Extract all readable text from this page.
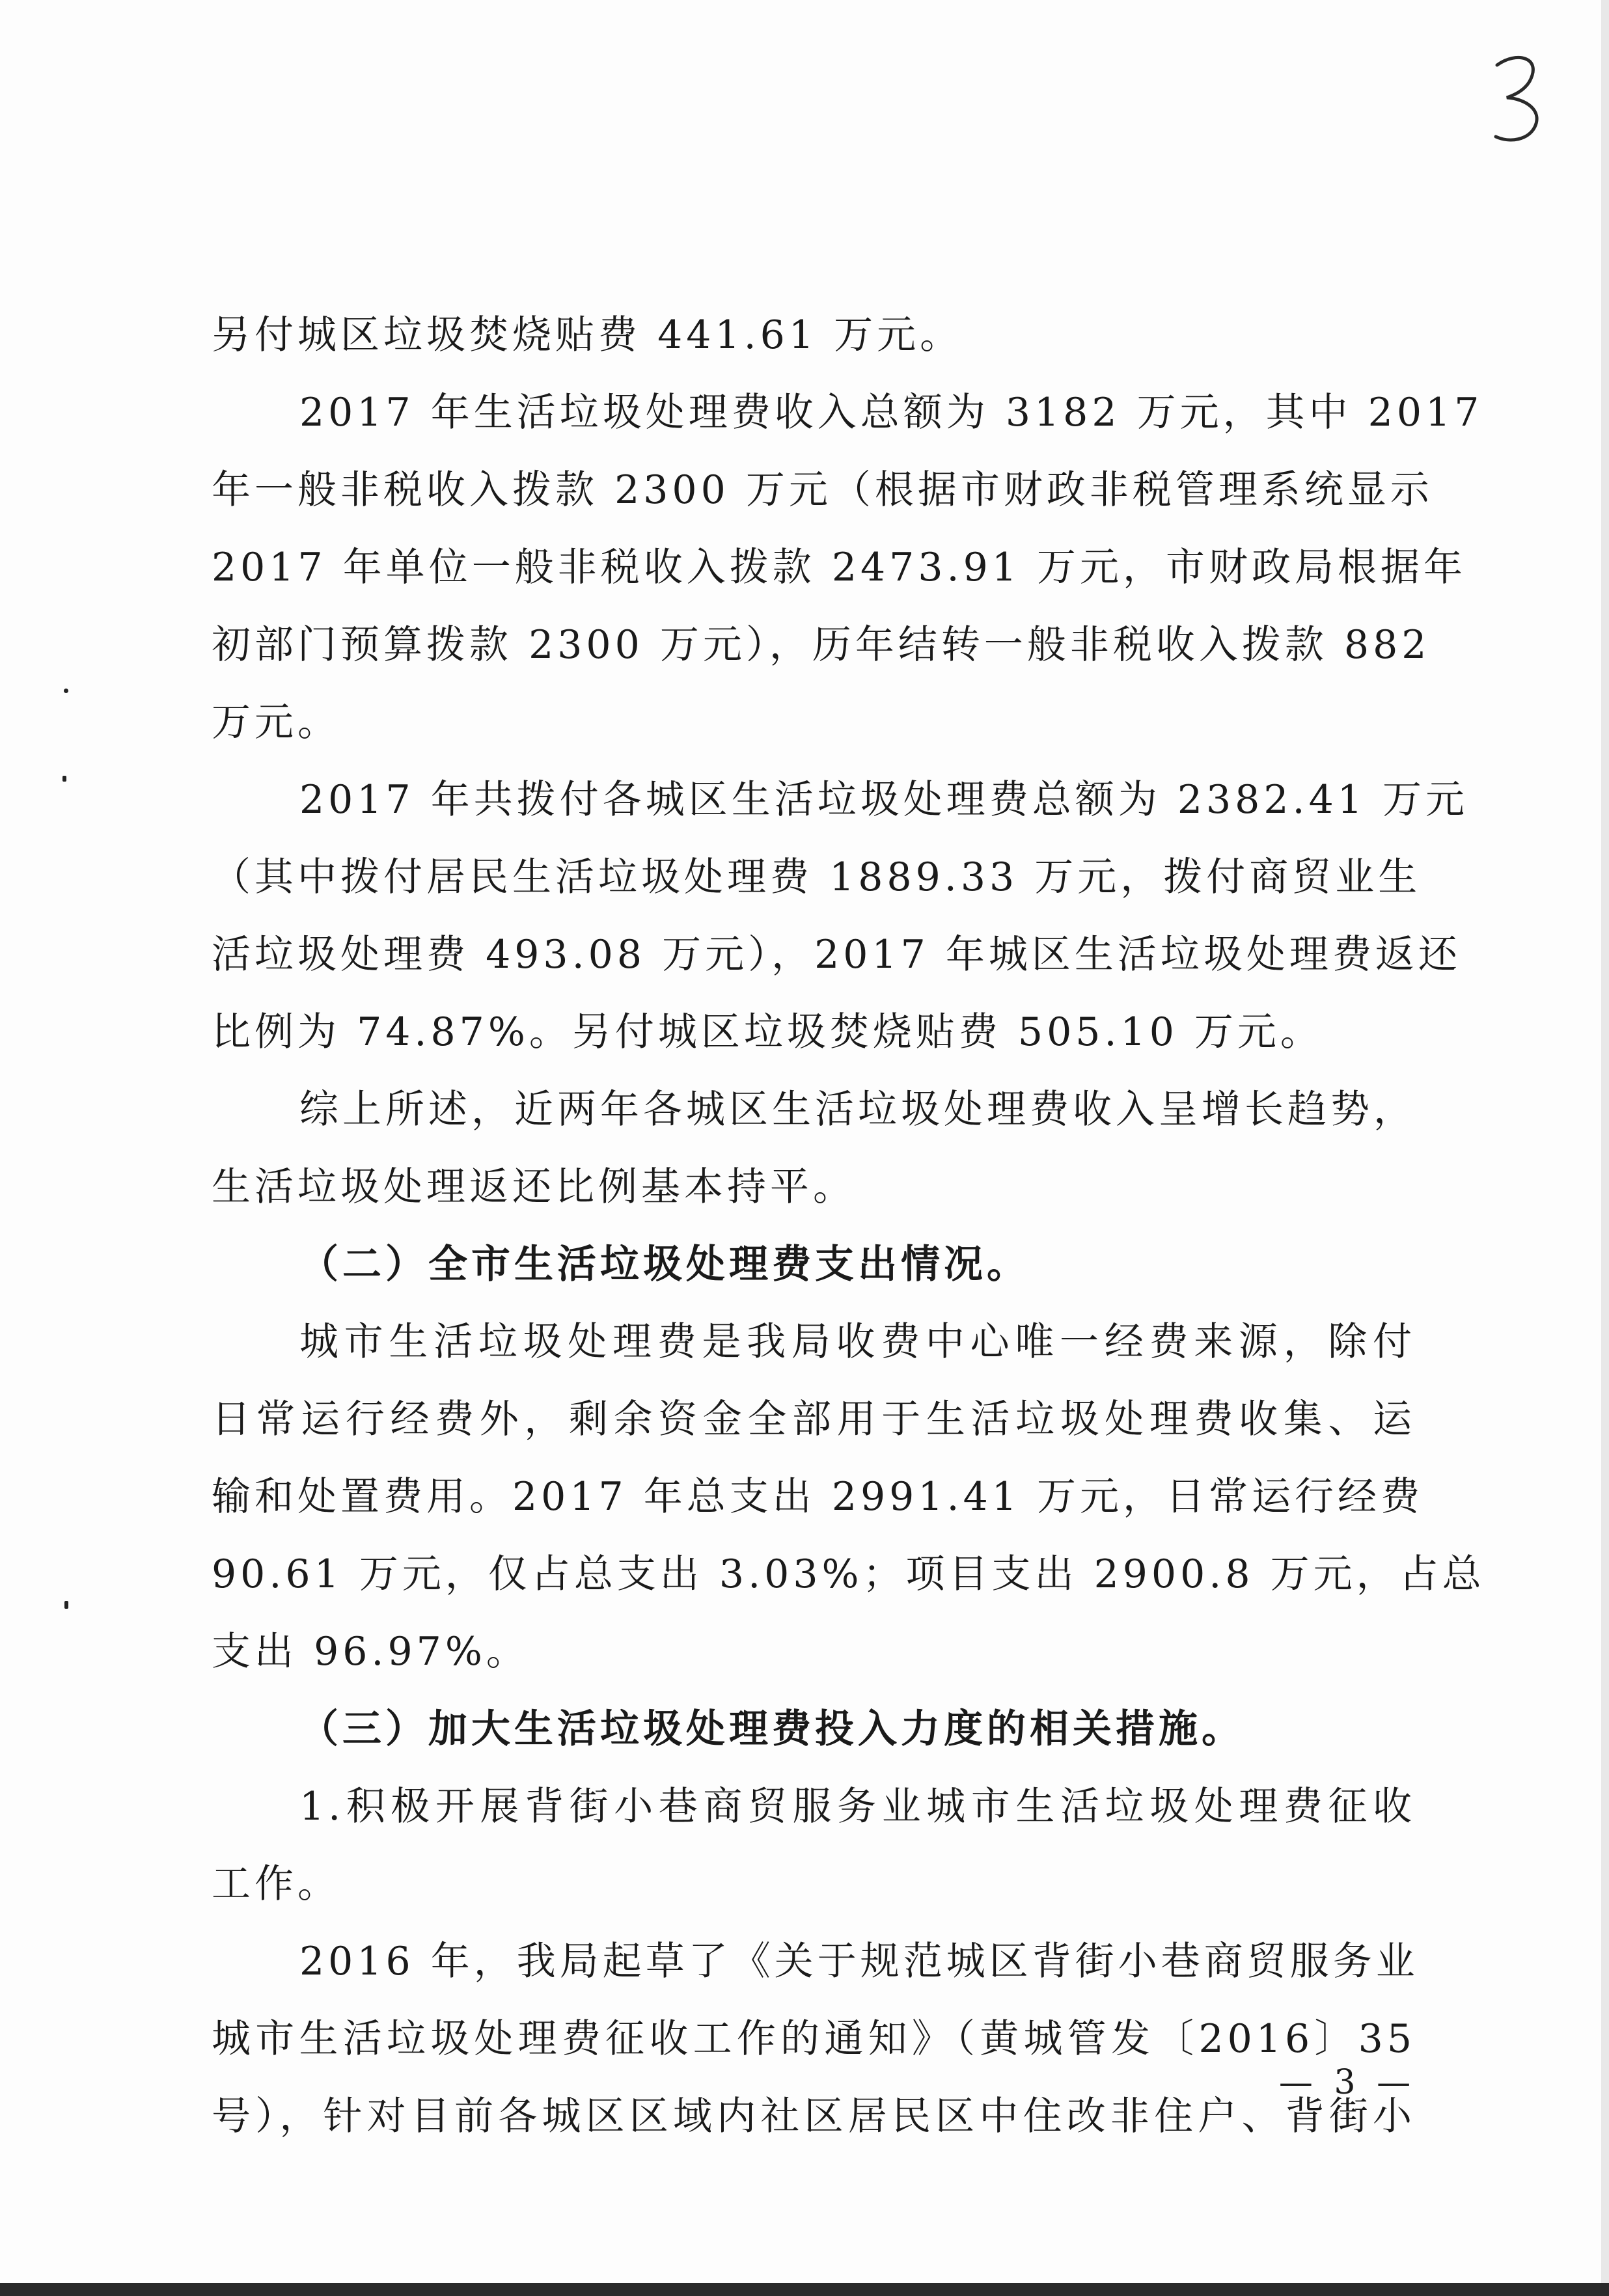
另付城区垃圾焚烧贴费 441.61 万元。
2017 年生活垃圾处理费收入总额为 3182 万元，其中 2017
年一般非税收入拨款 2300 万元（根据市财政非税管理系统显示
2017 年单位一般非税收入拨款 2473.91 万元，市财政局根据年
初部门预算拨款 2300 万元），历年结转一般非税收入拨款 882
万元。
2017 年共拨付各城区生活垃圾处理费总额为 2382.41 万元
（其中拨付居民生活垃圾处理费 1889.33 万元，拨付商贸业生
活垃圾处理费 493.08 万元），2017 年城区生活垃圾处理费返还
比例为 74.87%。另付城区垃圾焚烧贴费 505.10 万元。
综上所述，近两年各城区生活垃圾处理费收入呈增长趋势，
生活垃圾处理返还比例基本持平。
（二）全市生活垃圾处理费支出情况。
城市生活垃圾处理费是我局收费中心唯一经费来源，除付
日常运行经费外，剩余资金全部用于生活垃圾处理费收集、运
输和处置费用。2017 年总支出 2991.41 万元，日常运行经费
90.61 万元，仅占总支出 3.03%；项目支出 2900.8 万元，占总
支出 96.97%。
（三）加大生活垃圾处理费投入力度的相关措施。
1.积极开展背街小巷商贸服务业城市生活垃圾处理费征收
工作。
2016 年，我局起草了《关于规范城区背街小巷商贸服务业
城市生活垃圾处理费征收工作的通知》（黄城管发〔2016〕35
号），针对目前各城区区域内社区居民区中住改非住户、背街小
— 3 —
